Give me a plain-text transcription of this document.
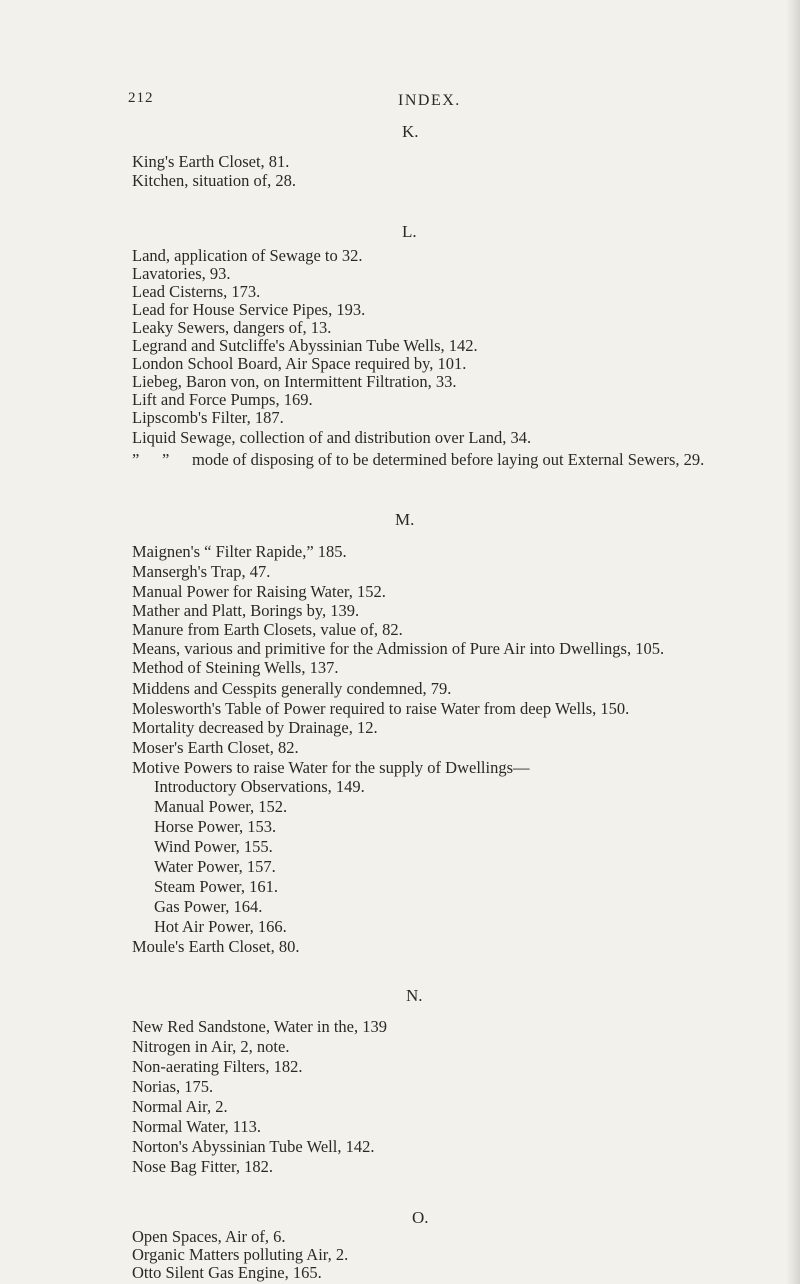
212	INDEX.
K.
King's Earth Closet, 81.
Kitchen, situation of, 28.
L.
Land, application of Sewage to 32.
Lavatories, 93.
Lead Cisterns, 173.
Lead for House Service Pipes, 193.
Leaky Sewers, dangers of, 13.
Legrand and Sutcliffe's Abyssinian Tube Wells, 142.
London School Board, Air Space required by, 101.
Liebeg, Baron von, on Intermittent Filtration, 33.
Lift and Force Pumps, 169.
Lipscomb's Filter, 187.
Liquid Sewage, collection of and distribution over Land, 34.
” ” mode of disposing of to be determined before laying out External Sewers, 29.
M.
Maignen's “ Filter Rapide,” 185.
Mansergh's Trap, 47.
Manual Power for Raising Water, 152.
Mather and Platt, Borings by, 139.
Manure from Earth Closets, value of, 82.
Means, various and primitive for the Admission of Pure Air into Dwellings, 105.
Method of Steining Wells, 137.
Middens and Cesspits generally condemned, 79.
Molesworth's Table of Power required to raise Water from deep Wells, 150.
Mortality decreased by Drainage, 12.
Moser's Earth Closet, 82.
Motive Powers to raise Water for the supply of Dwellings—
Introductory Observations, 149.
Manual Power, 152.
Horse Power, 153.
Wind Power, 155.
Water Power, 157.
Steam Power, 161.
Gas Power, 164.
Hot Air Power, 166.
Moule's Earth Closet, 80.
N.
New Red Sandstone, Water in the, 139
Nitrogen in Air, 2, note.
Non-aerating Filters, 182.
Norias, 175.
Normal Air, 2.
Normal Water, 113.
Norton's Abyssinian Tube Well, 142.
Nose Bag Fitter, 182.
O.
Open Spaces, Air of, 6.
Organic Matters polluting Air, 2.
Otto Silent Gas Engine, 165.
